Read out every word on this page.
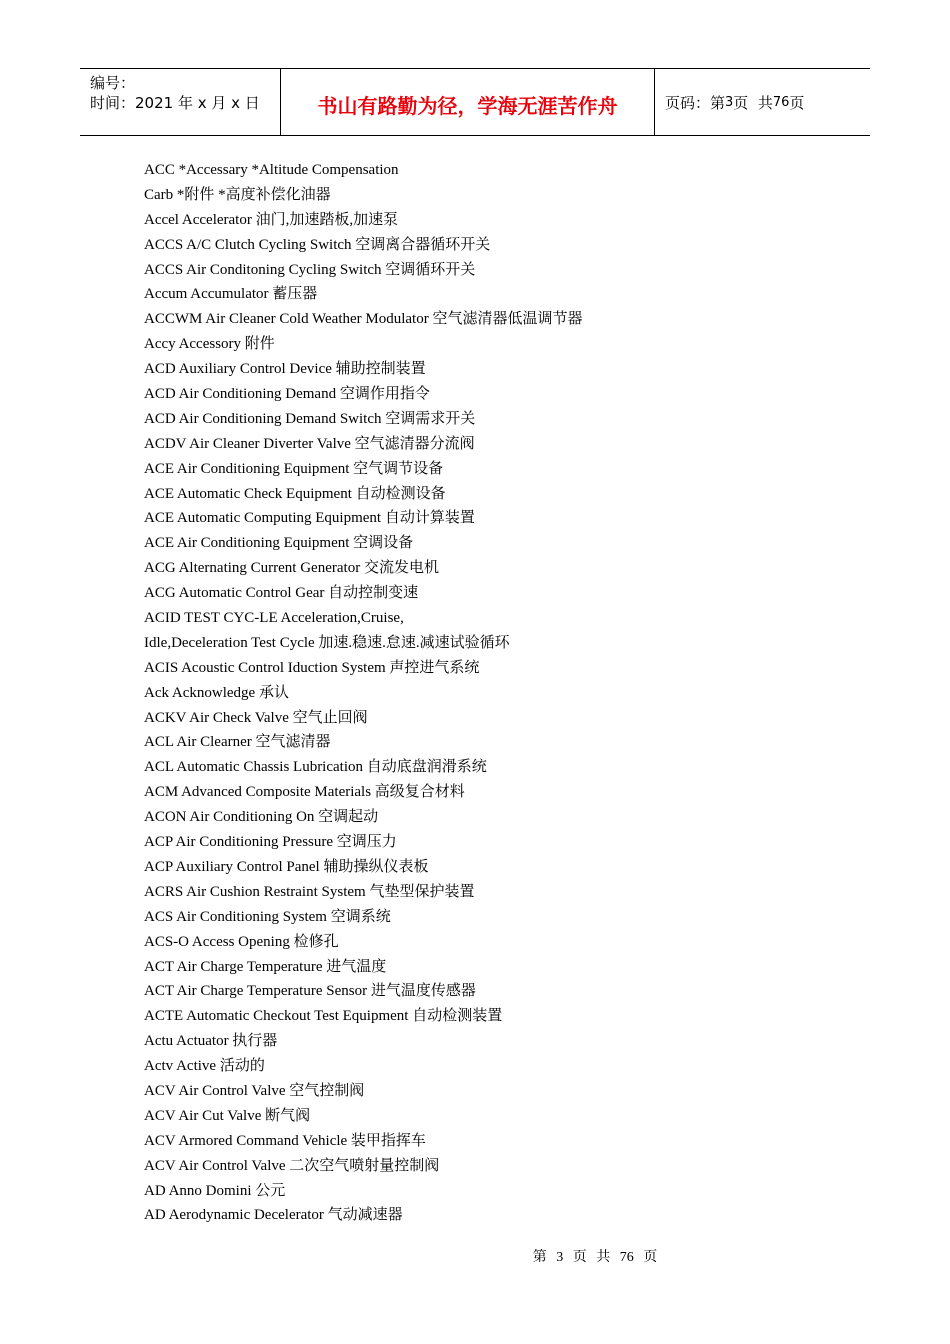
编号：
时间：2021 年 x 月 x 日	书山有路勤为径，学海无涯苦作舟	页码：第 3 页  共 76 页
ACC *Accessary *Altitude Compensation
Carb *附件 *高度补偿化油器
Accel Accelerator 油门,加速踏板,加速泵
ACCS A/C Clutch Cycling Switch 空调离合器循环开关
ACCS Air Conditoning Cycling Switch 空调循环开关
Accum Accumulator 蓄压器
ACCWM Air Cleaner Cold Weather Modulator 空气滤清器低温调节器
Accy Accessory 附件
ACD Auxiliary Control Device 辅助控制装置
ACD Air Conditioning Demand 空调作用指令
ACD Air Conditioning Demand Switch 空调需求开关
ACDV Air Cleaner Diverter Valve 空气滤清器分流阀
ACE Air Conditioning Equipment 空气调节设备
ACE Automatic Check Equipment 自动检测设备
ACE Automatic Computing Equipment 自动计算装置
ACE Air Conditioning Equipment 空调设备
ACG Alternating Current Generator 交流发电机
ACG Automatic Control Gear 自动控制变速
ACID TEST CYC-LE Acceleration,Cruise,
Idle,Deceleration Test Cycle 加速.稳速.怠速.减速试验循环
ACIS Acoustic Control Iduction System 声控进气系统
Ack Acknowledge 承认
ACKV Air Check Valve 空气止回阀
ACL Air Clearner 空气滤清器
ACL Automatic Chassis Lubrication 自动底盘润滑系统
ACM Advanced Composite Materials 高级复合材料
ACON Air Conditioning On 空调起动
ACP Air Conditioning Pressure 空调压力
ACP Auxiliary Control Panel 辅助操纵仪表板
ACRS Air Cushion Restraint System 气垫型保护装置
ACS Air Conditioning System 空调系统
ACS-O Access Opening 检修孔
ACT Air Charge Temperature 进气温度
ACT Air Charge Temperature Sensor 进气温度传感器
ACTE Automatic Checkout Test Equipment 自动检测装置
Actu Actuator 执行器
Actv Active 活动的
ACV Air Control Valve 空气控制阀
ACV Air Cut Valve 断气阀
ACV Armored Command Vehicle 装甲指挥车
ACV Air Control Valve 二次空气喷射量控制阀
AD Anno Domini 公元
AD Aerodynamic Decelerator 气动减速器
第 3 页 共 76 页
